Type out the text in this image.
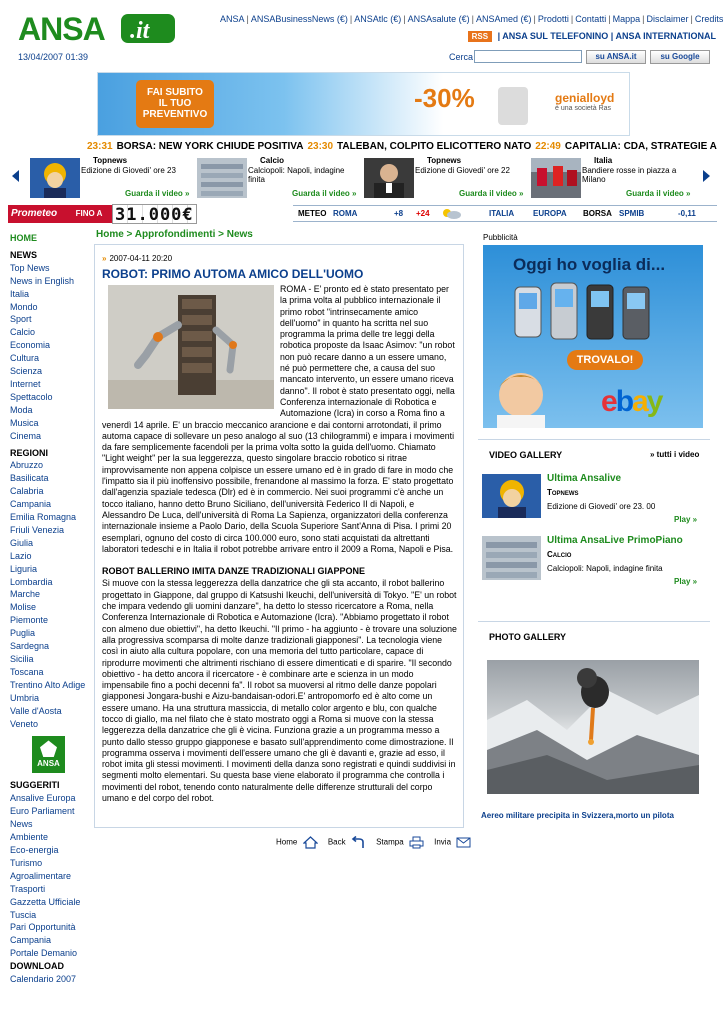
ANSA .it	ANSA | ANSABusinessNews (€) | ANSAtlc (€) | ANSAsalute (€) | ANSAmed (€) | Prodotti | Contatti | Mappa | Disclaimer | Credits
RSS | ANSA SUL TELEFONINO | ANSA INTERNATIONAL
13/04/2007 01:39	Cerca	su ANSA.it	su Google
FAI SUBITO
IL TUO
PREVENTIVO
-30%	genialloyd
è una società Ras
23:31 BORSA: NEW YORK CHIUDE POSITIVA 23:30 TALEBAN, COLPITO ELICOTTERO NATO 22:49 CAPITALIA: CDA, STRATEGIE A
Topnews
Edizione di Giovedi' ore 23
Guarda il video »
Calcio
Calciopoli: Napoli, indagine finita
Guarda il video »
Topnews
Edizione di Giovedi' ore 22
Guarda il video »
Italia
Bandiere rosse in piazza a Milano
Guarda il video »
Prometeo	FINO A 31.000€	METEO ROMA	+8 +24	ITALIA EUROPA BORSA SPMIB	-0,11
HOME
NEWS
Top News
News in English
Italia
Mondo
Sport
Calcio
Economia
Cultura
Scienza
Internet
Spettacolo
Moda
Musica
Cinema
REGIONI
Abruzzo
Basilicata
Calabria
Campania
Emilia Romagna
Friuli Venezia Giulia
Lazio
Liguria
Lombardia
Marche
Molise
Piemonte
Puglia
Sardegna
Sicilia
Toscana
Trentino Alto Adige
Umbria
Valle d'Aosta
Veneto
ANSA
SUGGERITI
Ansalive Europa
Euro Parliament News
Ambiente
Eco-energia
Turismo
Agroalimentare
Trasporti
Gazzetta Ufficiale
Tuscia
Pari Opportunità Campania
Portale Demanio
DOWNLOAD
Calendario 2007
Home > Approfondimenti > News
» 2007-04-11 20:20
ROBOT: PRIMO AUTOMA AMICO DELL'UOMO

ROMA - E' pronto ed è stato presentato per la prima volta al pubblico internazionale il primo robot "intrinsecamente amico dell'uomo" in quanto ha scritta nel suo programma la prima delle tre leggi della robotica proposte da Isaac Asimov: "un robot non può recare danno a un essere umano, né può permettere che, a causa del suo mancato intervento, un essere umano riceva danno". Il robot è stato presentato oggi, nella Conferenza internazionale di Robotica e Automazione (Icra) in corso a Roma fino a venerdì 14 aprile. E' un braccio meccanico arancione e dai contorni arrotondati, il primo automa capace di sollevare un peso analogo al suo (13 chilogrammi) e impara i movimenti da fare semplicemente facendoli per la prima volta sotto la guida dell'uomo. Chiamato "Light weight" per la sua leggerezza, questo singolare braccio robotico si ritrae improvvisamente non appena colpisce un essere umano ed è in grado di fare in modo che l'impatto sia il più inoffensivo possibile, frenandone al massimo la forza. E' stato progettato dall'agenzia spaziale tedesca (Dlr) ed è in commercio. Nei suoi programmi c'è anche un tocco italiano, hanno detto Bruno Siciliano, dell'università Federico II di Napoli, e Alessandro De Luca, dell'università di Roma La Sapienza, organizzatori della conferenza internazionale insieme a Paolo Dario, della Scuola Superiore Sant'Anna di Pisa. I primi 20 esemplari, ognuno del costo di circa 100.000 euro, sono stati acquistati da altrettanti laboratori tedeschi e in Italia il robot potrebbe arrivare entro il 2009 a Roma, Napoli e Pisa.

ROBOT BALLERINO IMITA DANZE TRADIZIONALI GIAPPONE

Si muove con la stessa leggerezza della danzatrice che gli sta accanto, il robot ballerino progettato in Giappone, dal gruppo di Katsushi Ikeuchi, dell'università di Tokyo. "E' un robot che impara vedendo gli uomini danzare", ha detto lo stesso ricercatore a Roma, nella Conferenza Internazionale di Robotica e Automazione (Icra). "Abbiamo progettato il robot con almeno due obiettivi", ha detto Ikeuchi. "Il primo - ha aggiunto - è trovare una soluzione alla progressiva scomparsa di molte danze tradizionali giapponesi". La tecnologia viene così in aiuto alla cultura popolare, con una memoria del tutto particolare, capace di riprodurre movimenti che altrimenti rischiano di essere dimenticati e di sparire. "Il secondo obiettivo - ha detto ancora il ricercatore - è combinare arte e scienza in un modo impensabile fino a pochi decenni fa". Il robot sa muoversi al ritmo delle danze popolari giapponesi Jongara-bushi e Aizu-bandaisan-odori.E' antropomorfo ed è alto come un essere umano. Ha una struttura massiccia, di metallo color argento e blu, con qualche tocco di giallo, ma nel filato che è stato mostrato oggi a Roma si muove con la stessa leggerezza della danzatrice che gli è vicina. Funziona grazie a un programma messo a punto dallo stesso gruppo giapponese e basato sull'apprendimento come dimostrazione. Il programma osserva i movimenti dell'essere umano che gli è davanti e, grazie ad esso, il robot imita gli stessi movimenti. I movimenti della danza sono registrati e quindi suddivisi in segmenti molto elementari. Su questa base viene elaborato il programma che controlla i movimenti del robot, tenendo conto naturalmente delle differenze strutturali del corpo umano e del corpo del robot.

Home	Back	Stampa	Invia
Pubblicità
Oggi ho voglia di...
TROVALO!
ebay
VIDEO GALLERY	» tutti i video
Ultima Ansalive
Topnews
Edizione di Giovedi' ore 23. 00
Play »
Ultima AnsaLive PrimoPiano
Calcio
Calciopoli: Napoli, indagine finita
Play »
PHOTO GALLERY
Aereo militare precipita in Svizzera,morto un pilota
